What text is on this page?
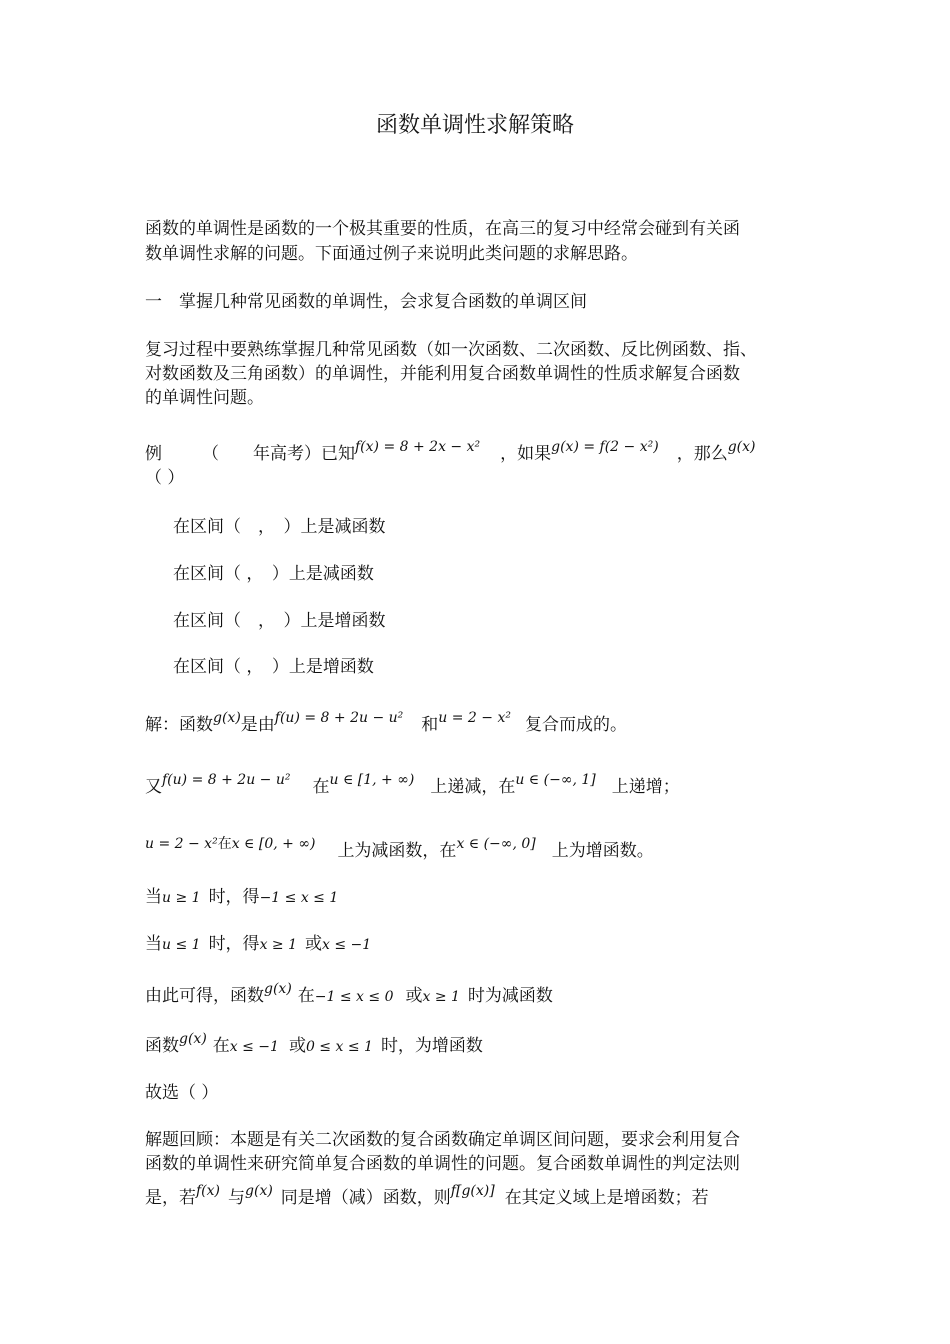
函数单调性求解策略
函数的单调性是函数的一个极其重要的性质，在高三的复习中经常会碰到有关函
数单调性求解的问题。下面通过例子来说明此类问题的求解思路。
一　掌握几种常见函数的单调性，会求复合函数的单调区间
复习过程中要熟练掌握几种常见函数（如一次函数、二次函数、反比例函数、指、
对数函数及三角函数）的单调性，并能利用复合函数单调性的性质求解复合函数
的单调性问题。
例 （ 年高考）已知$^{f(x) = 8 + 2x - x^2}$ ，如果$^{g(x) = f(2 - x^2)}$ ，那么$^{g(x)}$
（ ）
在区间（　，　）上是减函数
在区间（ ，　）上是减函数
在区间（　，　）上是增函数
在区间（ ，　）上是增函数
解：函数$^{g(x)}$是由$^{f(u) = 8 + 2u - u^2}$ 和$^{u = 2 - x^2}$ 复合而成的。
又$^{f(u) = 8 + 2u - u^2}$ 在$^{u \in [1, + \infty)}$ 上递减，在$^{u \in (-\infty, 1]}$ 上递增；
$^{u = 2 - x^2在x \in [0, + \infty)}$ 上为减函数，在$^{x \in (-\infty, 0]}$ 上为增函数。
当u ≥ 1 时，得−1 ≤ x ≤ 1
当u ≤ 1 时，得x ≥ 1 或x ≤ −1
由此可得，函数$^{g(x)}$ 在−1 ≤ x ≤ 0 或x ≥ 1 时为减函数
函数$^{g(x)}$ 在x ≤ −1 或0 ≤ x ≤ 1 时，为增函数
故选（ ）
解题回顾：本题是有关二次函数的复合函数确定单调区间问题，要求会利用复合
函数的单调性来研究简单复合函数的单调性的问题。复合函数单调性的判定法则
是，若$^{f(x)}$ 与$^{g(x)}$ 同是增（减）函数，则$^{f[g(x)]}$ 在其定义域上是增函数；若
